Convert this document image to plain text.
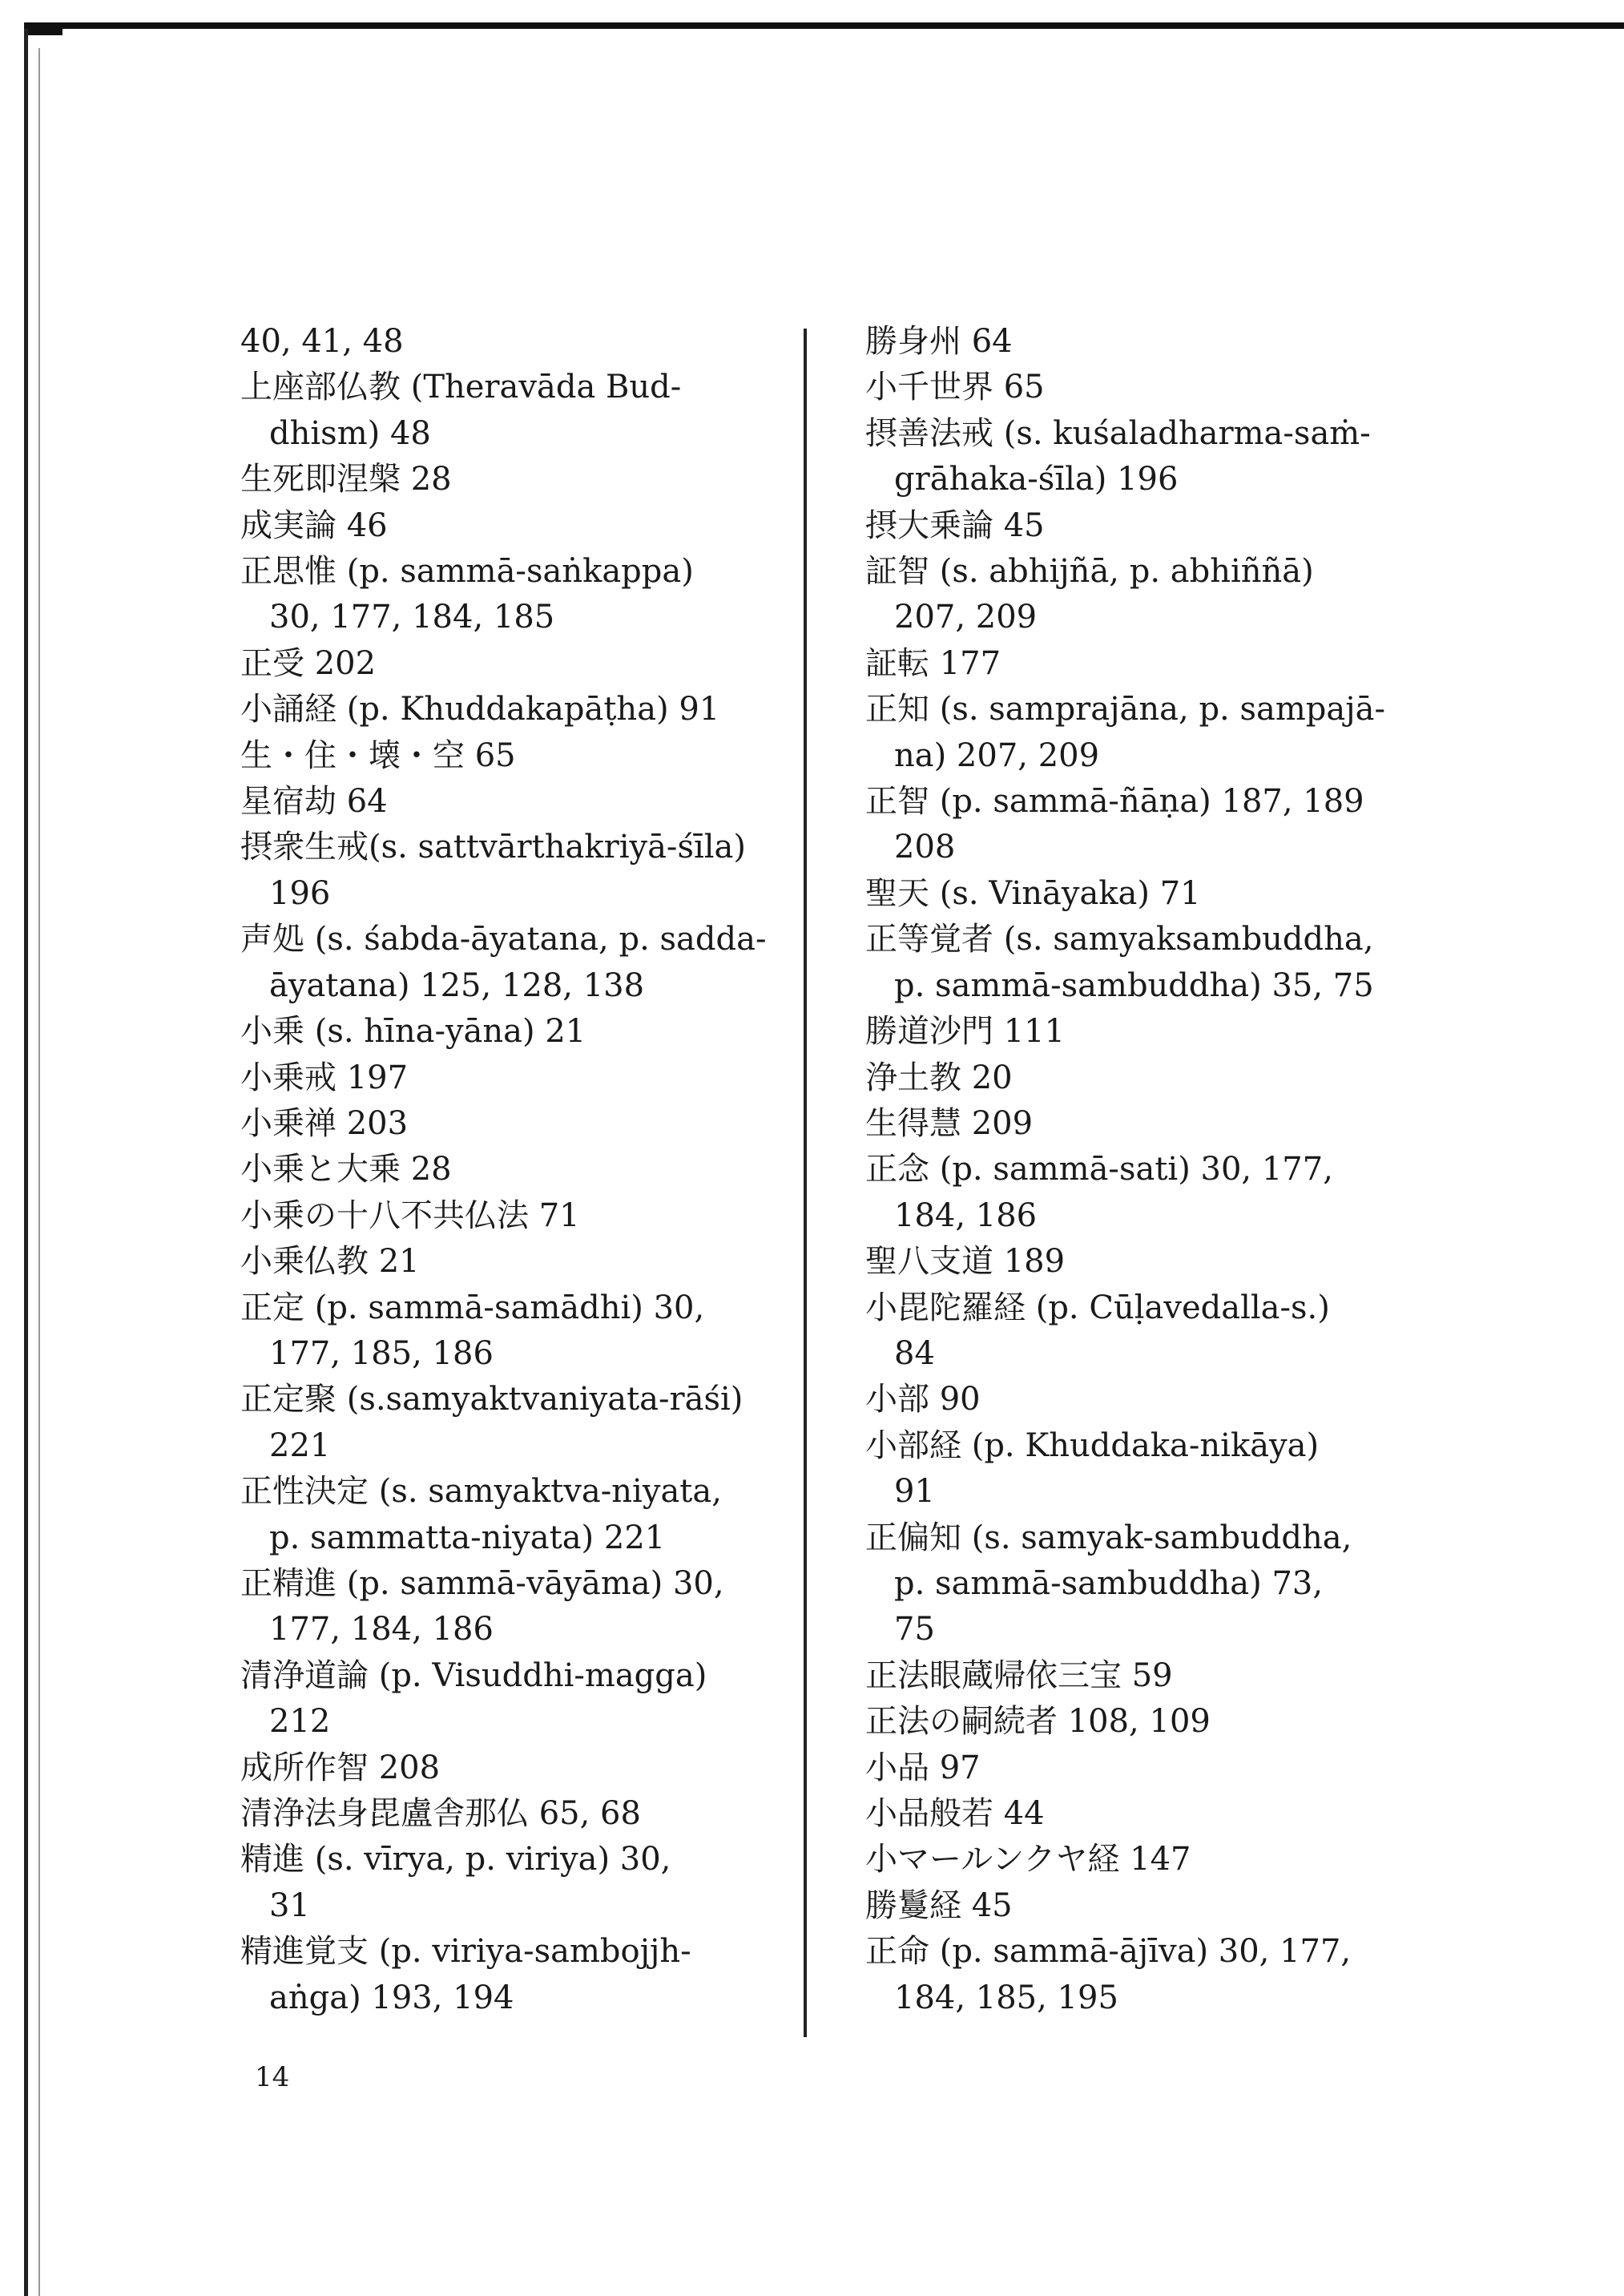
40, 41, 48
上座部仏教 (Theravāda Bud-
dhism) 48
生死即涅槃 28
成実論 46
正思惟 (p. sammā-saṅkappa)
30, 177, 184, 185
正受 202
小誦経 (p. Khuddakapāṭha) 91
生・住・壊・空 65
星宿劫 64
摂衆生戒(s. sattvārthakriyā-śīla)
196
声処 (s. śabda-āyatana, p. sadda-
āyatana) 125, 128, 138
小乗 (s. hīna-yāna) 21
小乗戒 197
小乗禅 203
小乗と大乗 28
小乗の十八不共仏法 71
小乗仏教 21
正定 (p. sammā-samādhi) 30,
177, 185, 186
正定聚 (s.samyaktvaniyata-rāśi)
221
正性決定 (s. samyaktva-niyata,
p. sammatta-niyata) 221
正精進 (p. sammā-vāyāma) 30,
177, 184, 186
清浄道論 (p. Visuddhi-magga)
212
成所作智 208
清浄法身毘盧舎那仏 65, 68
精進 (s. vīrya, p. viriya) 30,
31
精進覚支 (p. viriya-sambojjh-
aṅga) 193, 194
勝身州 64
小千世界 65
摂善法戒 (s. kuśaladharma-saṁ-
grāhaka-śīla) 196
摂大乗論 45
証智 (s. abhijñā, p. abhiññā)
207, 209
証転 177
正知 (s. samprajāna, p. sampajā-
na) 207, 209
正智 (p. sammā-ñāṇa) 187, 189
208
聖天 (s. Vināyaka) 71
正等覚者 (s. samyaksambuddha,
p. sammā-sambuddha) 35, 75
勝道沙門 111
浄土教 20
生得慧 209
正念 (p. sammā-sati) 30, 177,
184, 186
聖八支道 189
小毘陀羅経 (p. Cūḷavedalla-s.)
84
小部 90
小部経 (p. Khuddaka-nikāya)
91
正偏知 (s. samyak-sambuddha,
p. sammā-sambuddha) 73,
75
正法眼蔵帰依三宝 59
正法の嗣続者 108, 109
小品 97
小品般若 44
小マールンクヤ経 147
勝鬘経 45
正命 (p. sammā-ājīva) 30, 177,
184, 185, 195
14
